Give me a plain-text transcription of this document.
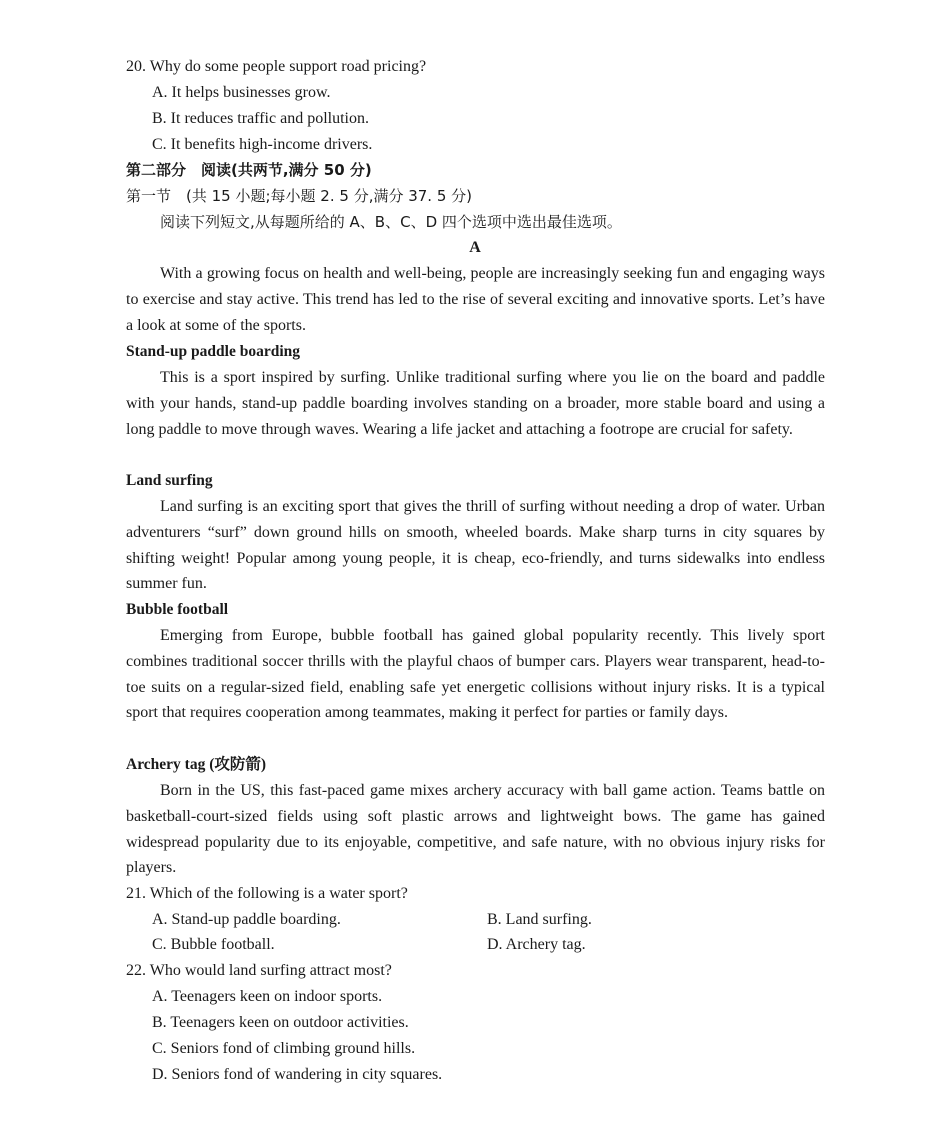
20. Why do some people support road pricing?
A. It helps businesses grow.
B. It reduces traffic and pollution.
C. It benefits high-income drivers.
第二部分　阅读(共两节,满分 50 分)
第一节　(共 15 小题;每小题 2. 5 分,满分 37. 5 分)
阅读下列短文,从每题所给的 A、B、C、D 四个选项中选出最佳选项。
A

With a growing focus on health and well-being, people are increasingly seeking fun and engaging ways to exercise and stay active. This trend has led to the rise of several exciting and innovative sports. Let’s have a look at some of the sports.

Stand-up paddle boarding

This is a sport inspired by surfing. Unlike traditional surfing where you lie on the board and paddle with your hands, stand-up paddle boarding involves standing on a broader, more stable board and using a long paddle to move through waves. Wearing a life jacket and attaching a footrope are crucial for safety.

Land surfing

Land surfing is an exciting sport that gives the thrill of surfing without needing a drop of water. Urban adventurers “surf” down ground hills on smooth, wheeled boards. Make sharp turns in city squares by shifting weight! Popular among young people, it is cheap, eco-friendly, and turns sidewalks into endless summer fun.

Bubble football

Emerging from Europe, bubble football has gained global popularity recently. This lively sport combines traditional soccer thrills with the playful chaos of bumper cars. Players wear transparent, head-to-toe suits on a regular-sized field, enabling safe yet energetic collisions without injury risks. It is a typical sport that requires cooperation among teammates, making it perfect for parties or family days.

Archery tag (攻防箭)

Born in the US, this fast-paced game mixes archery accuracy with ball game action. Teams battle on basketball-court-sized fields using soft plastic arrows and lightweight bows. The game has gained widespread popularity due to its enjoyable, competitive, and safe nature, with no obvious injury risks for players.

21. Which of the following is a water sport?
A. Stand-up paddle boarding.	B. Land surfing.
C. Bubble football.	D. Archery tag.
22. Who would land surfing attract most?
A. Teenagers keen on indoor sports.
B. Teenagers keen on outdoor activities.
C. Seniors fond of climbing ground hills.
D. Seniors fond of wandering in city squares.
